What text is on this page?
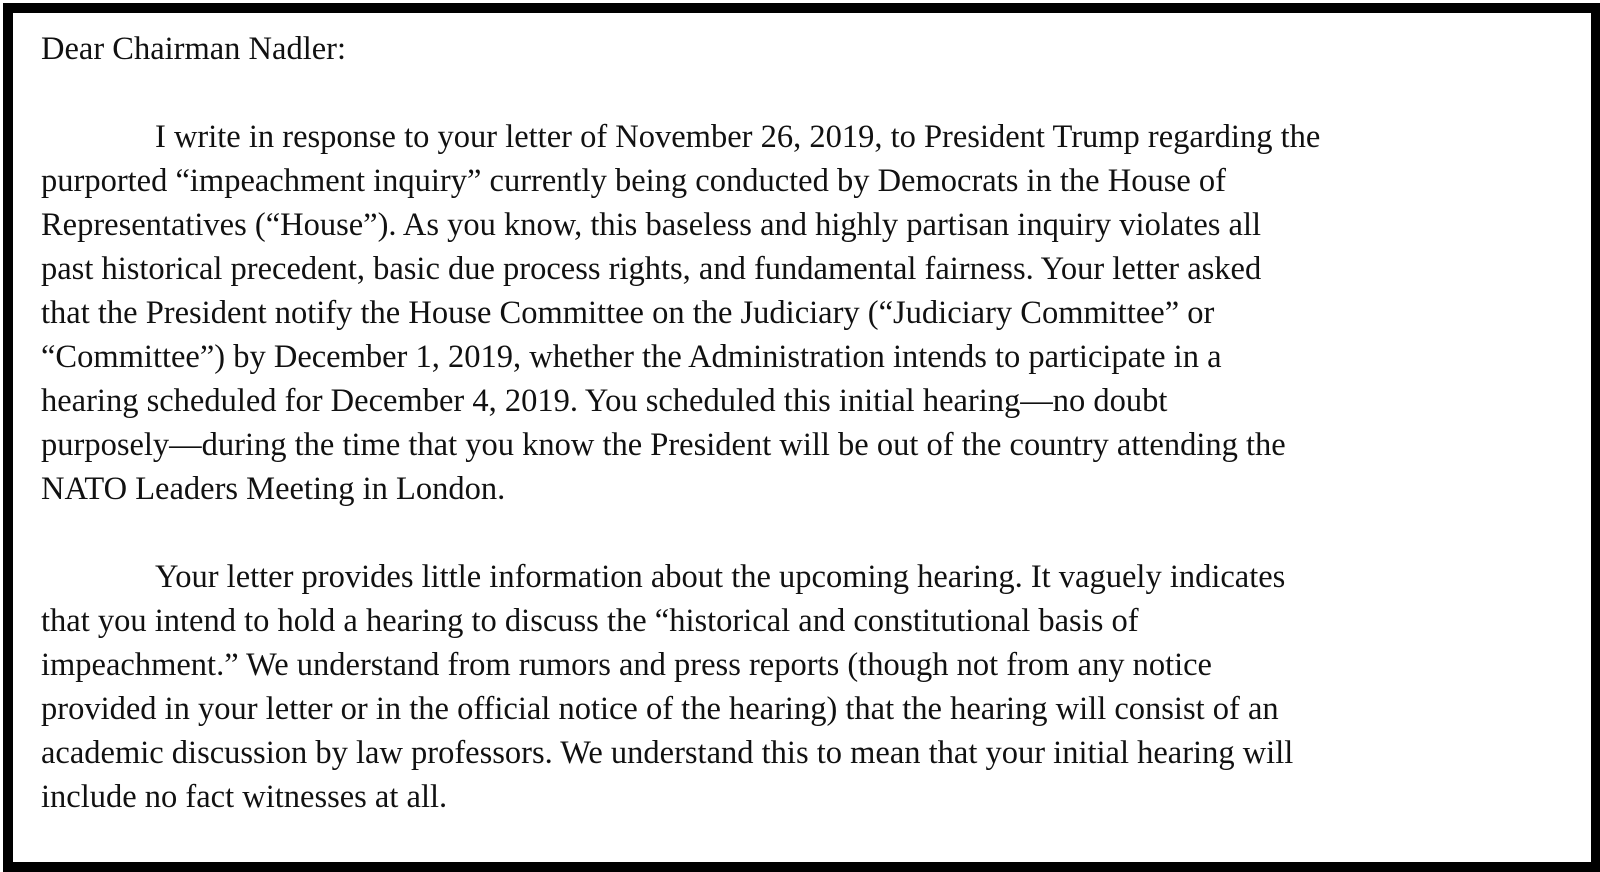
Dear Chairman Nadler:
I write in response to your letter of November 26, 2019, to President Trump regarding the
purported “impeachment inquiry” currently being conducted by Democrats in the House of
Representatives (“House”). As you know, this baseless and highly partisan inquiry violates all
past historical precedent, basic due process rights, and fundamental fairness. Your letter asked
that the President notify the House Committee on the Judiciary (“Judiciary Committee” or
“Committee”) by December 1, 2019, whether the Administration intends to participate in a
hearing scheduled for December 4, 2019. You scheduled this initial hearing—no doubt
purposely—during the time that you know the President will be out of the country attending the
NATO Leaders Meeting in London.
Your letter provides little information about the upcoming hearing. It vaguely indicates
that you intend to hold a hearing to discuss the “historical and constitutional basis of
impeachment.” We understand from rumors and press reports (though not from any notice
provided in your letter or in the official notice of the hearing) that the hearing will consist of an
academic discussion by law professors. We understand this to mean that your initial hearing will
include no fact witnesses at all.
